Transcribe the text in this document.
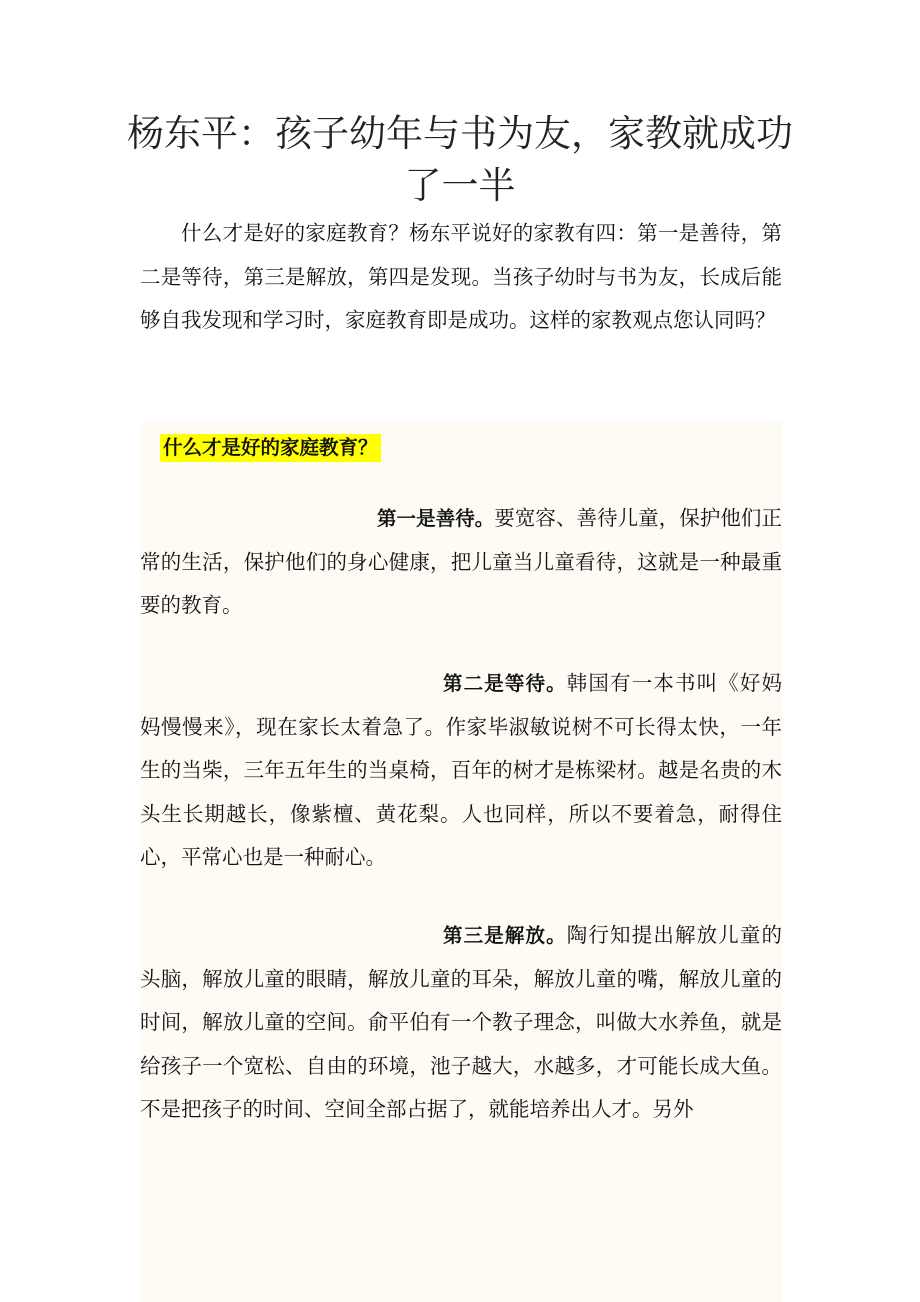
杨东平：孩子幼年与书为友，家教就成功了一半

什么才是好的家庭教育？杨东平说好的家教有四：第一是善待，第二是等待，第三是解放，第四是发现。当孩子幼时与书为友，长成后能够自我发现和学习时，家庭教育即是成功。这样的家教观点您认同吗？

什么才是好的家庭教育？

第一是善待。要宽容、善待儿童，保护他们正常的生活，保护他们的身心健康，把儿童当儿童看待，这就是一种最重要的教育。

第二是等待。韩国有一本书叫《好妈妈慢慢来》，现在家长太着急了。作家毕淑敏说树不可长得太快，一年生的当柴，三年五年生的当桌椅，百年的树才是栋梁材。越是名贵的木头生长期越长，像紫檀、黄花梨。人也同样，所以不要着急，耐得住心，平常心也是一种耐心。

第三是解放。陶行知提出解放儿童的头脑，解放儿童的眼睛，解放儿童的耳朵，解放儿童的嘴，解放儿童的时间，解放儿童的空间。俞平伯有一个教子理念，叫做大水养鱼，就是给孩子一个宽松、自由的环境，池子越大，水越多，才可能长成大鱼。不是把孩子的时间、空间全部占据了，就能培养出人才。另外
